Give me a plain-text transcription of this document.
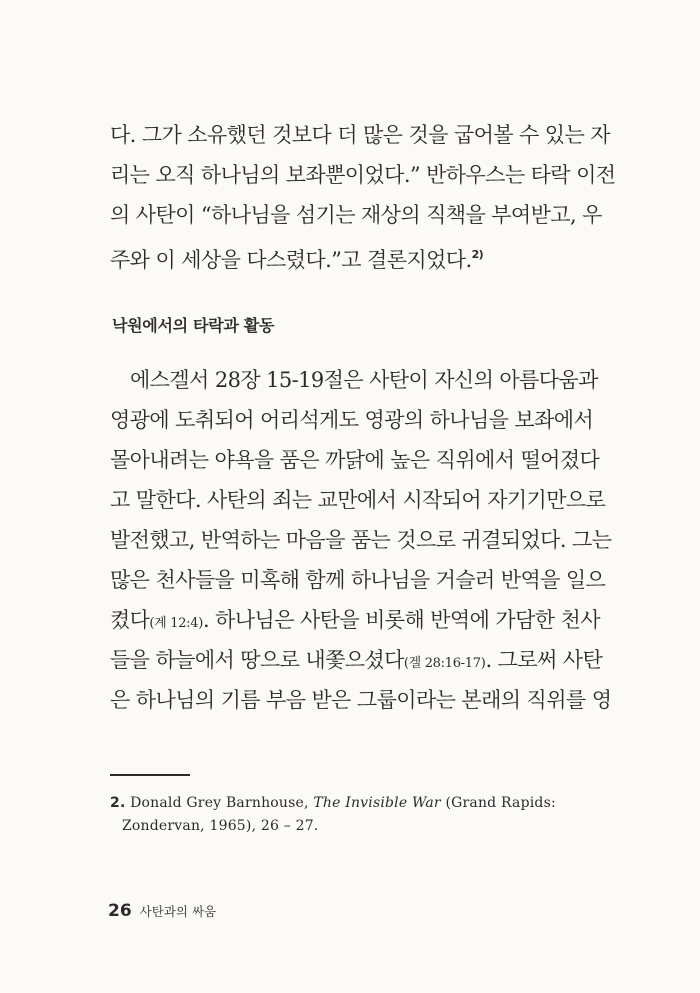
다. 그가 소유했던 것보다 더 많은 것을 굽어볼 수 있는 자
리는 오직 하나님의 보좌뿐이었다.” 반하우스는 타락 이전
의 사탄이 “하나님을 섬기는 재상의 직책을 부여받고, 우
주와 이 세상을 다스렸다.”고 결론지었다.$^{2)}$
낙원에서의 타락과 활동
에스겔서 28장 15-19절은 사탄이 자신의 아름다움과
영광에 도취되어 어리석게도 영광의 하나님을 보좌에서
몰아내려는 야욕을 품은 까닭에 높은 직위에서 떨어졌다
고 말한다. 사탄의 죄는 교만에서 시작되어 자기기만으로
발전했고, 반역하는 마음을 품는 것으로 귀결되었다. 그는
많은 천사들을 미혹해 함께 하나님을 거슬러 반역을 일으
켰다(계 12:4). 하나님은 사탄을 비롯해 반역에 가담한 천사
들을 하늘에서 땅으로 내쫓으셨다(겔 28:16-17). 그로써 사탄
은 하나님의 기름 부음 받은 그룹이라는 본래의 직위를 영
2. Donald Grey Barnhouse, The Invisible War (Grand Rapids:
Zondervan, 1965), 26 – 27.
26 사탄과의 싸움
